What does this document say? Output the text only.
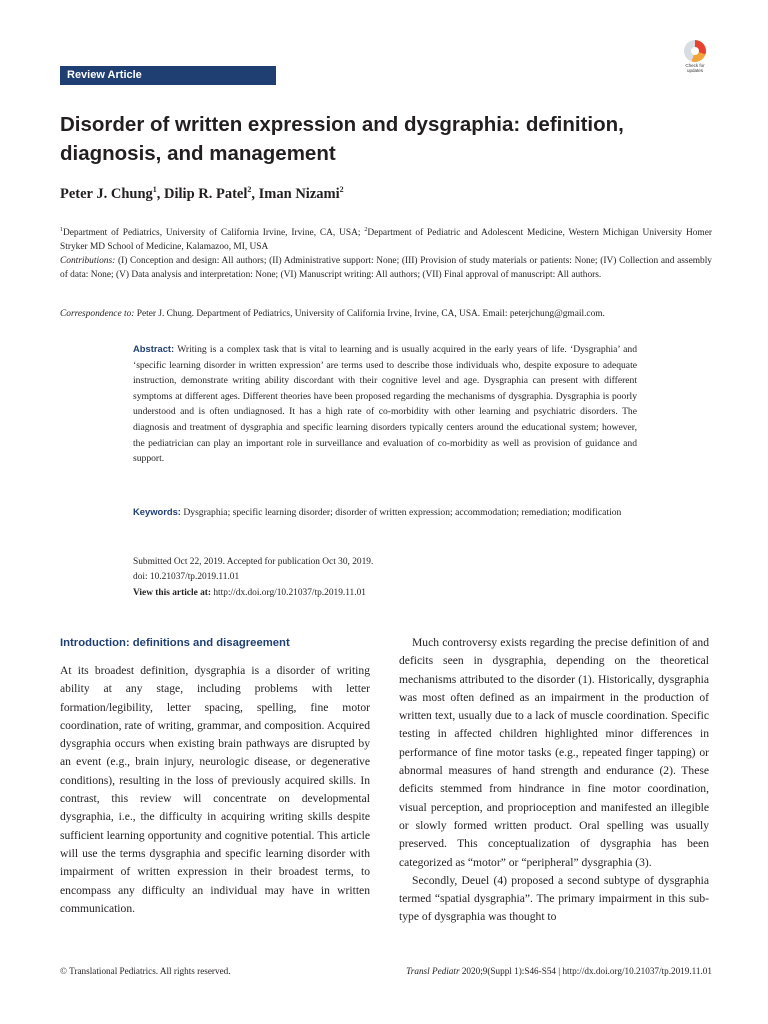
Review Article
Check for updates
Disorder of written expression and dysgraphia: definition, diagnosis, and management
Peter J. Chung$^1$, Dilip R. Patel$^2$, Iman Nizami$^2$
$^1$Department of Pediatrics, University of California Irvine, Irvine, CA, USA; $^2$Department of Pediatric and Adolescent Medicine, Western Michigan University Homer Stryker MD School of Medicine, Kalamazoo, MI, USA
Contributions: (I) Conception and design: All authors; (II) Administrative support: None; (III) Provision of study materials or patients: None; (IV) Collection and assembly of data: None; (V) Data analysis and interpretation: None; (VI) Manuscript writing: All authors; (VII) Final approval of manuscript: All authors.
Correspondence to: Peter J. Chung. Department of Pediatrics, University of California Irvine, Irvine, CA, USA. Email: peterjchung@gmail.com.
Abstract: Writing is a complex task that is vital to learning and is usually acquired in the early years of life. ‘Dysgraphia’ and ‘specific learning disorder in written expression’ are terms used to describe those individuals who, despite exposure to adequate instruction, demonstrate writing ability discordant with their cognitive level and age. Dysgraphia can present with different symptoms at different ages. Different theories have been proposed regarding the mechanisms of dysgraphia. Dysgraphia is poorly understood and is often undiagnosed. It has a high rate of co-morbidity with other learning and psychiatric disorders. The diagnosis and treatment of dysgraphia and specific learning disorders typically centers around the educational system; however, the pediatrician can play an important role in surveillance and evaluation of co-morbidity as well as provision of guidance and support.
Keywords: Dysgraphia; specific learning disorder; disorder of written expression; accommodation; remediation; modification
Submitted Oct 22, 2019. Accepted for publication Oct 30, 2019.
doi: 10.21037/tp.2019.11.01
View this article at: http://dx.doi.org/10.21037/tp.2019.11.01
Introduction: definitions and disagreement

At its broadest definition, dysgraphia is a disorder of writing ability at any stage, including problems with letter formation/legibility, letter spacing, spelling, fine motor coordination, rate of writing, grammar, and composition. Acquired dysgraphia occurs when existing brain pathways are disrupted by an event (e.g., brain injury, neurologic disease, or degenerative conditions), resulting in the loss of previously acquired skills. In contrast, this review will concentrate on developmental dysgraphia, i.e., the difficulty in acquiring writing skills despite sufficient learning opportunity and cognitive potential. This article will use the terms dysgraphia and specific learning disorder with impairment of written expression in their broadest terms, to encompass any difficulty an individual may have in written communication.

Much controversy exists regarding the precise definition of and deficits seen in dysgraphia, depending on the theoretical mechanisms attributed to the disorder (1). Historically, dysgraphia was most often defined as an impairment in the production of written text, usually due to a lack of muscle coordination. Specific testing in affected children highlighted minor differences in performance of fine motor tasks (e.g., repeated finger tapping) or abnormal measures of hand strength and endurance (2). These deficits stemmed from hindrance in fine motor coordination, visual perception, and proprioception and manifested an illegible or slowly formed written product. Oral spelling was usually preserved. This conceptualization of dysgraphia has been categorized as “motor” or “peripheral” dysgraphia (3).

Secondly, Deuel (4) proposed a second subtype of dysgraphia termed “spatial dysgraphia”. The primary impairment in this sub-type of dysgraphia was thought to

© Translational Pediatrics. All rights reserved.	Transl Pediatr 2020;9(Suppl 1):S46-S54 | http://dx.doi.org/10.21037/tp.2019.11.01
